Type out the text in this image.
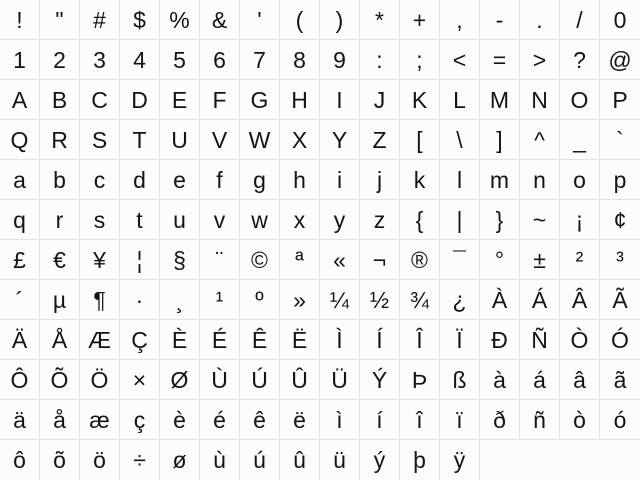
!	"	#	$	% &	'	(	)	*	+	,	-	.	/	0
1	2	3	4	5	6	7	8	9	:	;	<	=	>	? @
A	B	C	D	E	F	G H	I	J	K	L	M N O	P
Q R	S	T	U	V W X	Y	Z	[	\	]	^	_	`
a	b	c	d	e	f	g	h	i	j	k	l	m	n	o	p
q	r	s	t	u	v	w	x	y	z	{	|	}	~	¡	¢
£	€	¥	¦	§	¨	©	ª	«	¬	®	¯	°	±	²	³
´	µ	¶	·	¸	¹	º	»	¼ ½ ¾	¿	À	Á	Â	Ã
Ä	Å Æ Ç	È	É	Ê	Ë	Ì	Í	Î	Ï	Ð	Ñ Ò Ó
Ô Õ Ö	×	Ø Ù	Ú	Û	Ü	Ý	Þ	ß	à	á	â	ã
ä	å	æ	ç	è	é	ê	ë	ì	í	î	ï	ð	ñ	ò	ó
ô	õ	ö	÷	ø	ù	ú	û	ü	ý	þ	ÿ
